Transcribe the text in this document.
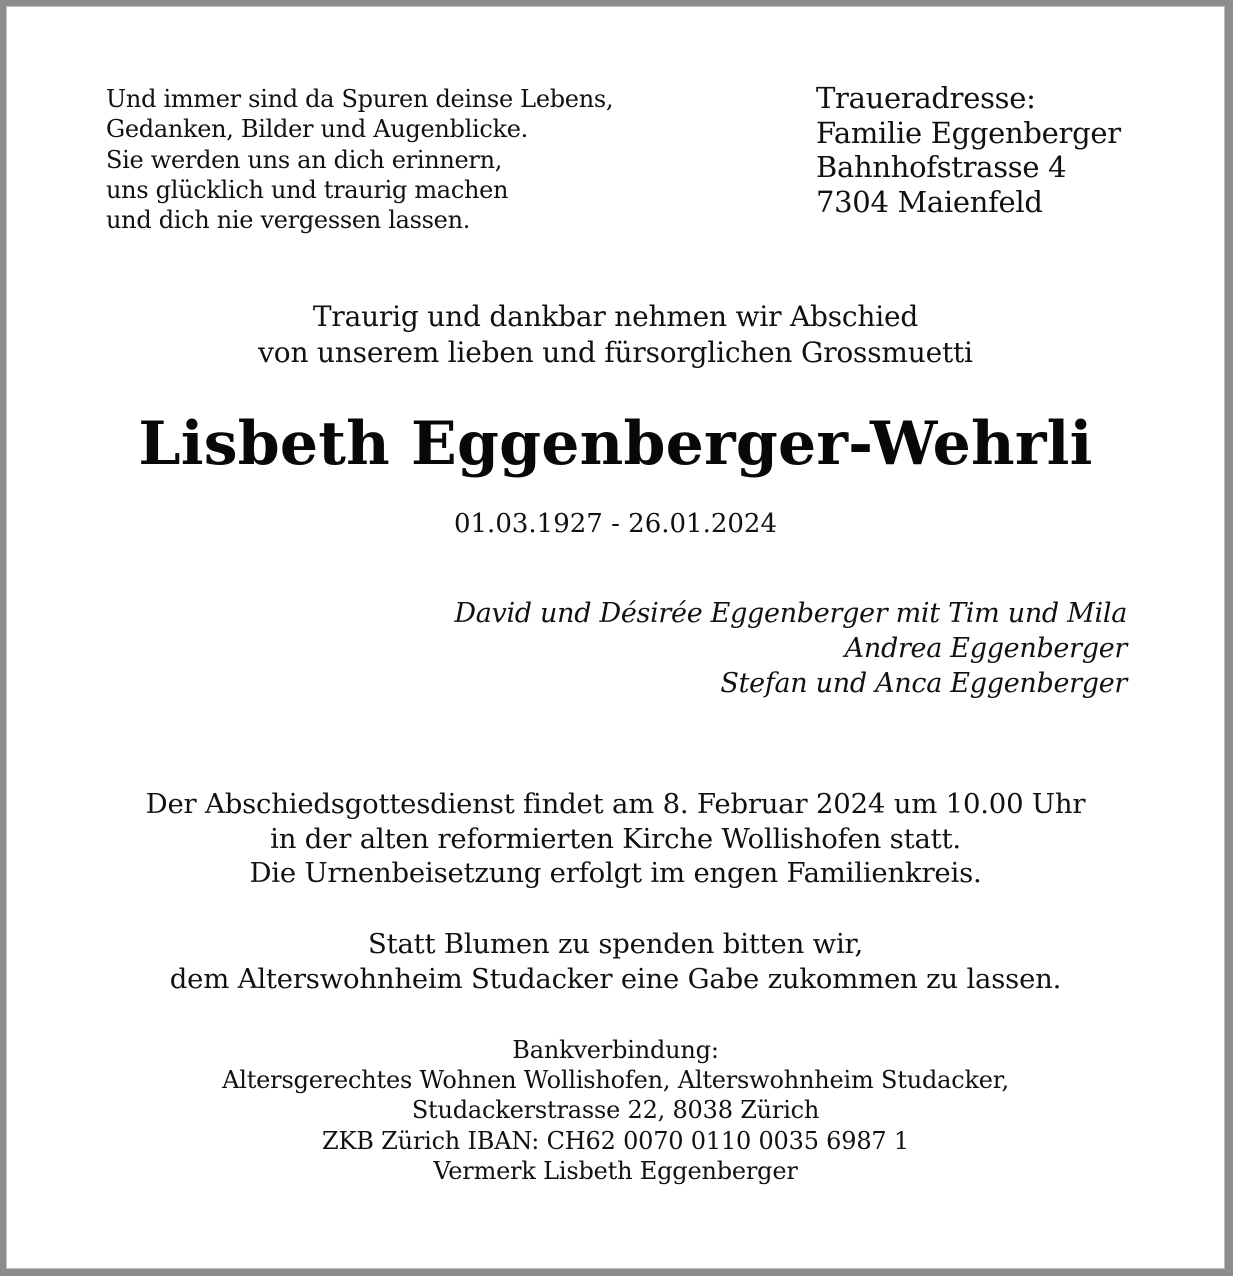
Und immer sind da Spuren deinse Lebens,
Gedanken, Bilder und Augenblicke.
Sie werden uns an dich erinnern,
uns glücklich und traurig machen
und dich nie vergessen lassen.
Traueradresse:
Familie Eggenberger
Bahnhofstrasse 4
7304 Maienfeld
Traurig und dankbar nehmen wir Abschied
von unserem lieben und fürsorglichen Grossmuetti
Lisbeth Eggenberger-Wehrli
01.03.1927 - 26.01.2024
David und Désirée Eggenberger mit Tim und Mila
Andrea Eggenberger
Stefan und Anca Eggenberger
Der Abschiedsgottesdienst findet am 8. Februar 2024 um 10.00 Uhr
in der alten reformierten Kirche Wollishofen statt.
Die Urnenbeisetzung erfolgt im engen Familienkreis.
Statt Blumen zu spenden bitten wir,
dem Alterswohnheim Studacker eine Gabe zukommen zu lassen.
Bankverbindung:
Altersgerechtes Wohnen Wollishofen, Alterswohnheim Studacker,
Studackerstrasse 22, 8038 Zürich
ZKB Zürich IBAN: CH62 0070 0110 0035 6987 1
Vermerk Lisbeth Eggenberger
